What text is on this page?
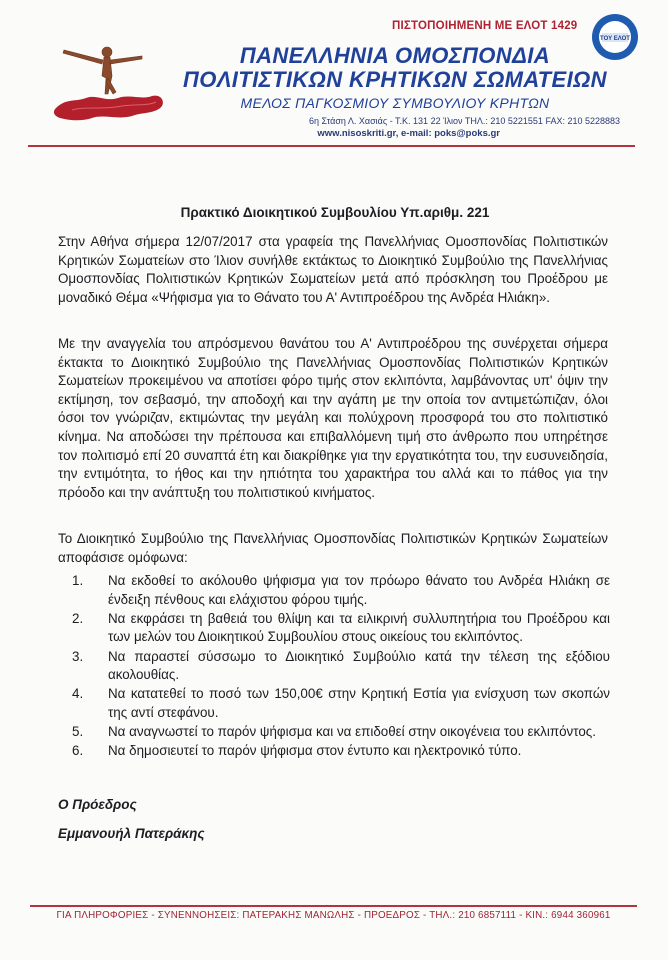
ΠΙΣΤΟΠΟΙΗΜΕΝΗ ΜΕ ΕΛΟΤ 1429
ΤΟΥ ΕΛΟΤ
ΠΑΝΕΛΛΗΝΙΑ ΟΜΟΣΠΟΝΔΙΑ
ΠΟΛΙΤΙΣΤΙΚΩΝ ΚΡΗΤΙΚΩΝ ΣΩΜΑΤΕΙΩΝ
ΜΕΛΟΣ ΠΑΓΚΟΣΜΙΟΥ ΣΥΜΒΟΥΛΙΟΥ ΚΡΗΤΩΝ
6η Στάση Λ. Χασιάς - Τ.Κ. 131 22 Ίλιον ΤΗΛ.: 210 5221551 FAX: 210 5228883
www.nisoskriti.gr, e-mail: poks@poks.gr
Πρακτικό Διοικητικού Συμβουλίου Υπ.αριθμ. 221
Στην Αθήνα σήμερα 12/07/2017 στα γραφεία της Πανελλήνιας Ομοσπονδίας Πολιτιστικών Κρητικών Σωματείων στο Ίλιον συνήλθε εκτάκτως το Διοικητικό Συμβούλιο της Πανελλήνιας Ομοσπονδίας Πολιτιστικών Κρητικών Σωματείων μετά από πρόσκληση του Προέδρου με μοναδικό Θέμα «Ψήφισμα για το Θάνατο του Α' Αντιπροέδρου της Ανδρέα Ηλιάκη».
Με την αναγγελία του απρόσμενου θανάτου του Α' Αντιπροέδρου της συνέρχεται σήμερα έκτακτα το Διοικητικό Συμβούλιο της Πανελλήνιας Ομοσπονδίας Πολιτιστικών Κρητικών Σωματείων προκειμένου να αποτίσει φόρο τιμής στον εκλιπόντα, λαμβάνοντας υπ' όψιν την εκτίμηση, τον σεβασμό, την αποδοχή και την αγάπη με την οποία τον αντιμετώπιζαν, όλοι όσοι τον γνώριζαν, εκτιμώντας την μεγάλη και πολύχρονη προσφορά του στο πολιτιστικό κίνημα. Να αποδώσει την πρέπουσα και επιβαλλόμενη τιμή στο άνθρωπο που υπηρέτησε τον πολιτισμό επί 20 συναπτά έτη και διακρίθηκε για την εργατικότητα του, την ευσυνειδησία, την εντιμότητα, το ήθος και την ηπιότητα του χαρακτήρα του αλλά και το πάθος για την πρόοδο και την ανάπτυξη του πολιτιστικού κινήματος.
Το Διοικητικό Συμβούλιο της Πανελλήνιας Ομοσπονδίας Πολιτιστικών Κρητικών Σωματείων αποφάσισε ομόφωνα:
1. Να εκδοθεί το ακόλουθο ψήφισμα για τον πρόωρο θάνατο του Ανδρέα Ηλιάκη σε ένδειξη πένθους και ελάχιστου φόρου τιμής.
2. Να εκφράσει τη βαθειά του θλίψη και τα ειλικρινή συλλυπητήρια του Προέδρου και των μελών του Διοικητικού Συμβουλίου στους οικείους του εκλιπόντος.
3. Να παραστεί σύσσωμο το Διοικητικό Συμβούλιο κατά την τέλεση της εξόδιου ακολουθίας.
4. Να κατατεθεί το ποσό των 150,00€ στην Κρητική Εστία για ενίσχυση των σκοπών της αντί στεφάνου.
5. Να αναγνωστεί το παρόν ψήφισμα και να επιδοθεί στην οικογένεια του εκλιπόντος.
6. Να δημοσιευτεί το παρόν ψήφισμα στον έντυπο και ηλεκτρονικό τύπο.
Ο Πρόεδρος
Εμμανουήλ Πατεράκης
ΓΙΑ ΠΛΗΡΟΦΟΡΙΕΣ - ΣΥΝΕΝΝΟΗΣΕΙΣ: ΠΑΤΕΡΑΚΗΣ ΜΑΝΩΛΗΣ - ΠΡΟΕΔΡΟΣ - ΤΗΛ.: 210 6857111 - ΚΙΝ.: 6944 360961
